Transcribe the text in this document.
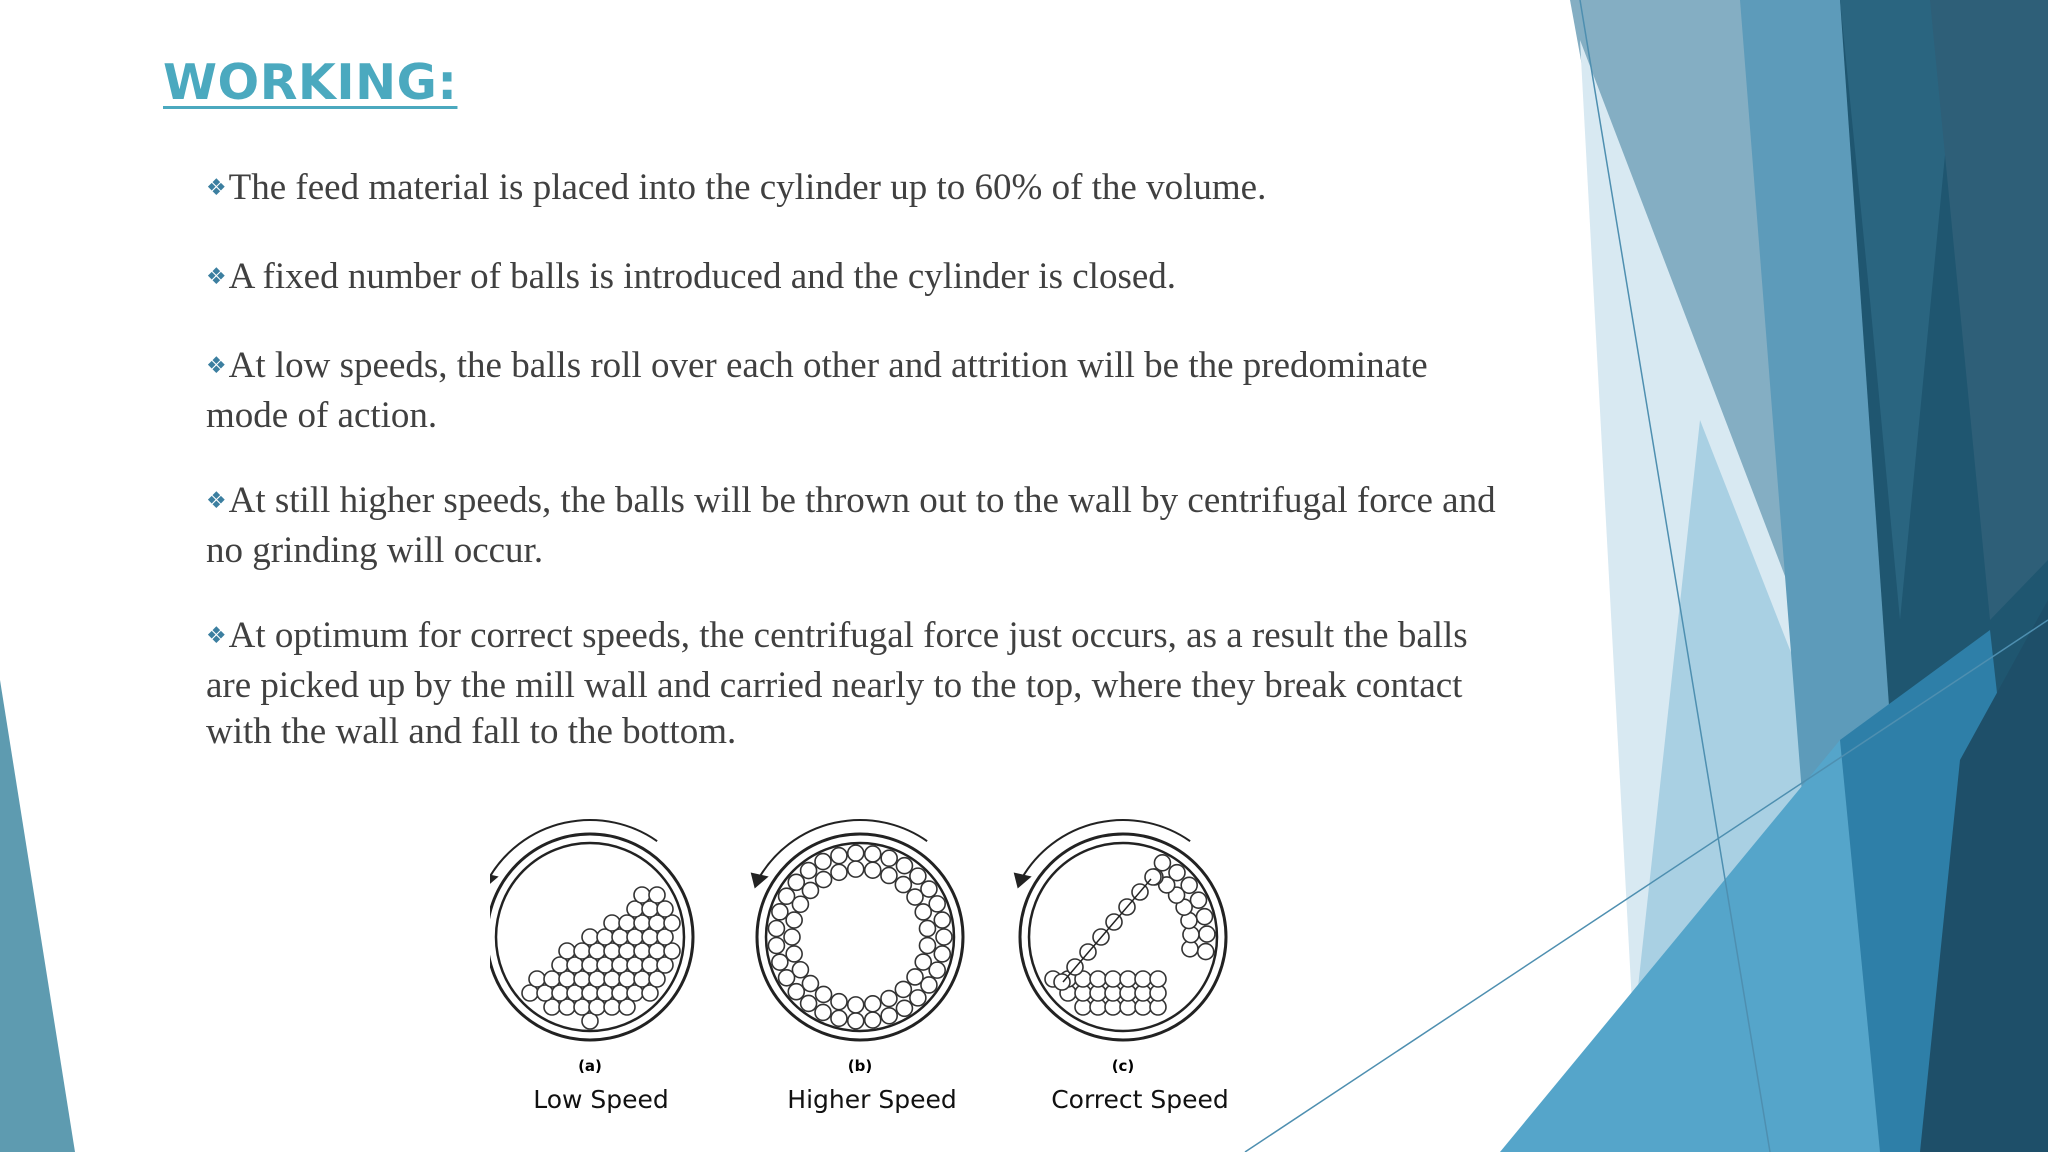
WORKING:
❖The feed material is placed into the cylinder up to 60% of the volume.
❖A fixed number of balls is introduced and the cylinder is closed.
❖At low speeds, the balls roll over each other and attrition will be the predominate mode of action.
❖At still higher speeds, the balls will be thrown out to the wall by centrifugal force and no grinding will occur.
❖At optimum for correct speeds, the centrifugal force just occurs, as a result the balls are picked up by the mill wall and carried nearly to the top, where they break contact with the wall and fall to the bottom.
(a)	(b)	(c)
Low Speed	Higher Speed	Correct Speed
